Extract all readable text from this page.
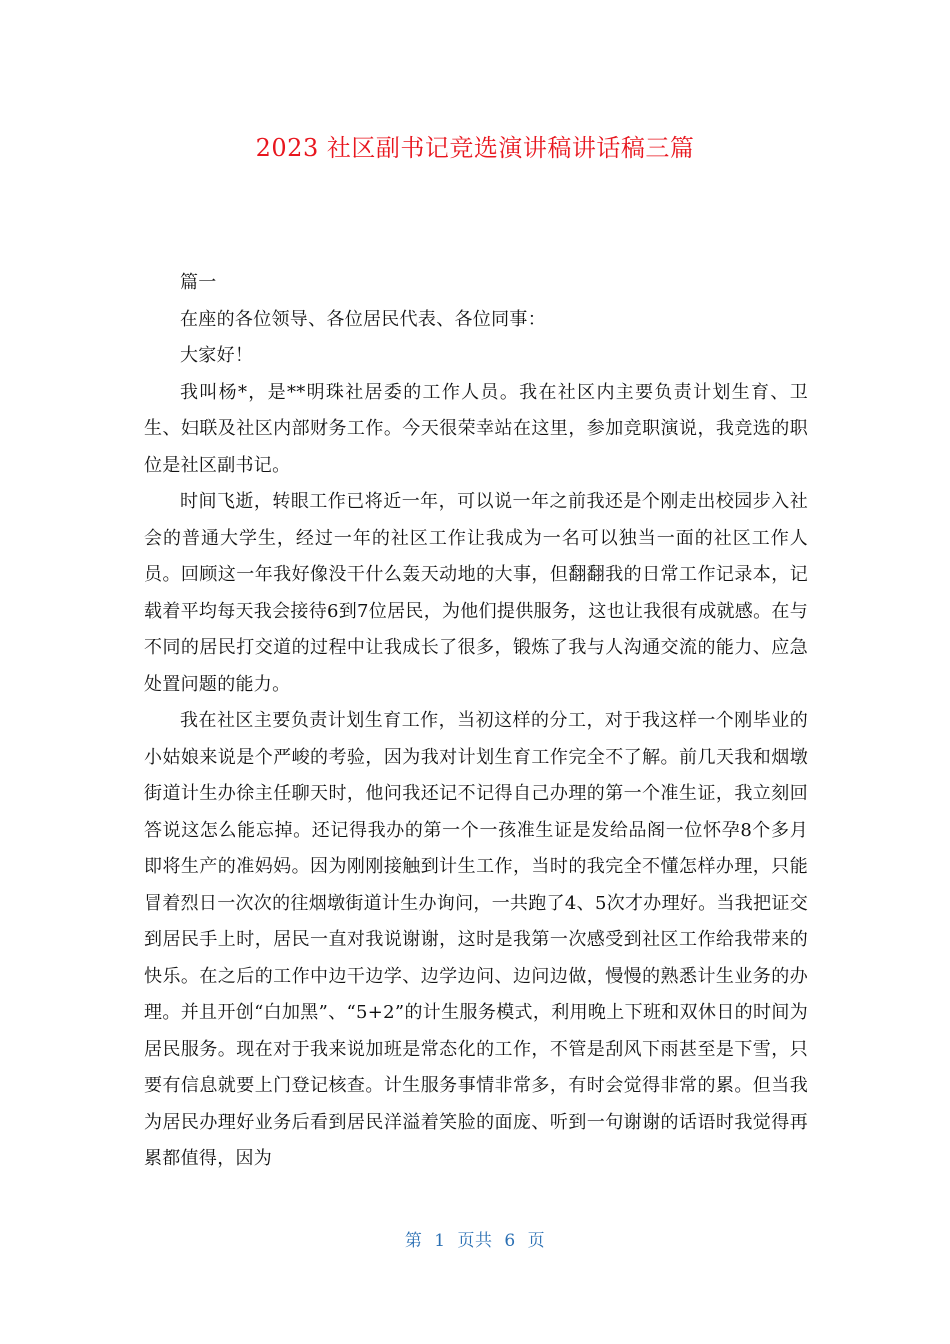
2023 社区副书记竞选演讲稿讲话稿三篇

篇一

在座的各位领导、各位居民代表、各位同事：

大家好！

我叫杨*，是**明珠社居委的工作人员。我在社区内主要负责计划生育、卫生、妇联及社区内部财务工作。今天很荣幸站在这里，参加竞职演说，我竞选的职位是社区副书记。

时间飞逝，转眼工作已将近一年，可以说一年之前我还是个刚走出校园步入社会的普通大学生，经过一年的社区工作让我成为一名可以独当一面的社区工作人员。回顾这一年我好像没干什么轰天动地的大事，但翻翻我的日常工作记录本，记载着平均每天我会接待6到7位居民，为他们提供服务，这也让我很有成就感。在与不同的居民打交道的过程中让我成长了很多，锻炼了我与人沟通交流的能力、应急处置问题的能力。

我在社区主要负责计划生育工作，当初这样的分工，对于我这样一个刚毕业的小姑娘来说是个严峻的考验，因为我对计划生育工作完全不了解。前几天我和烟墩街道计生办徐主任聊天时，他问我还记不记得自己办理的第一个准生证，我立刻回答说这怎么能忘掉。还记得我办的第一个一孩准生证是发给品阁一位怀孕8个多月即将生产的准妈妈。因为刚刚接触到计生工作，当时的我完全不懂怎样办理，只能冒着烈日一次次的往烟墩街道计生办询问，一共跑了4、5次才办理好。当我把证交到居民手上时，居民一直对我说谢谢，这时是我第一次感受到社区工作给我带来的快乐。在之后的工作中边干边学、边学边问、边问边做，慢慢的熟悉计生业务的办理。并且开创“白加黑”、“5+2”的计生服务模式，利用晚上下班和双休日的时间为居民服务。现在对于我来说加班是常态化的工作，不管是刮风下雨甚至是下雪，只要有信息就要上门登记核查。计生服务事情非常多，有时会觉得非常的累。但当我为居民办理好业务后看到居民洋溢着笑脸的面庞、听到一句谢谢的话语时我觉得再累都值得，因为

第 1 页共 6 页
